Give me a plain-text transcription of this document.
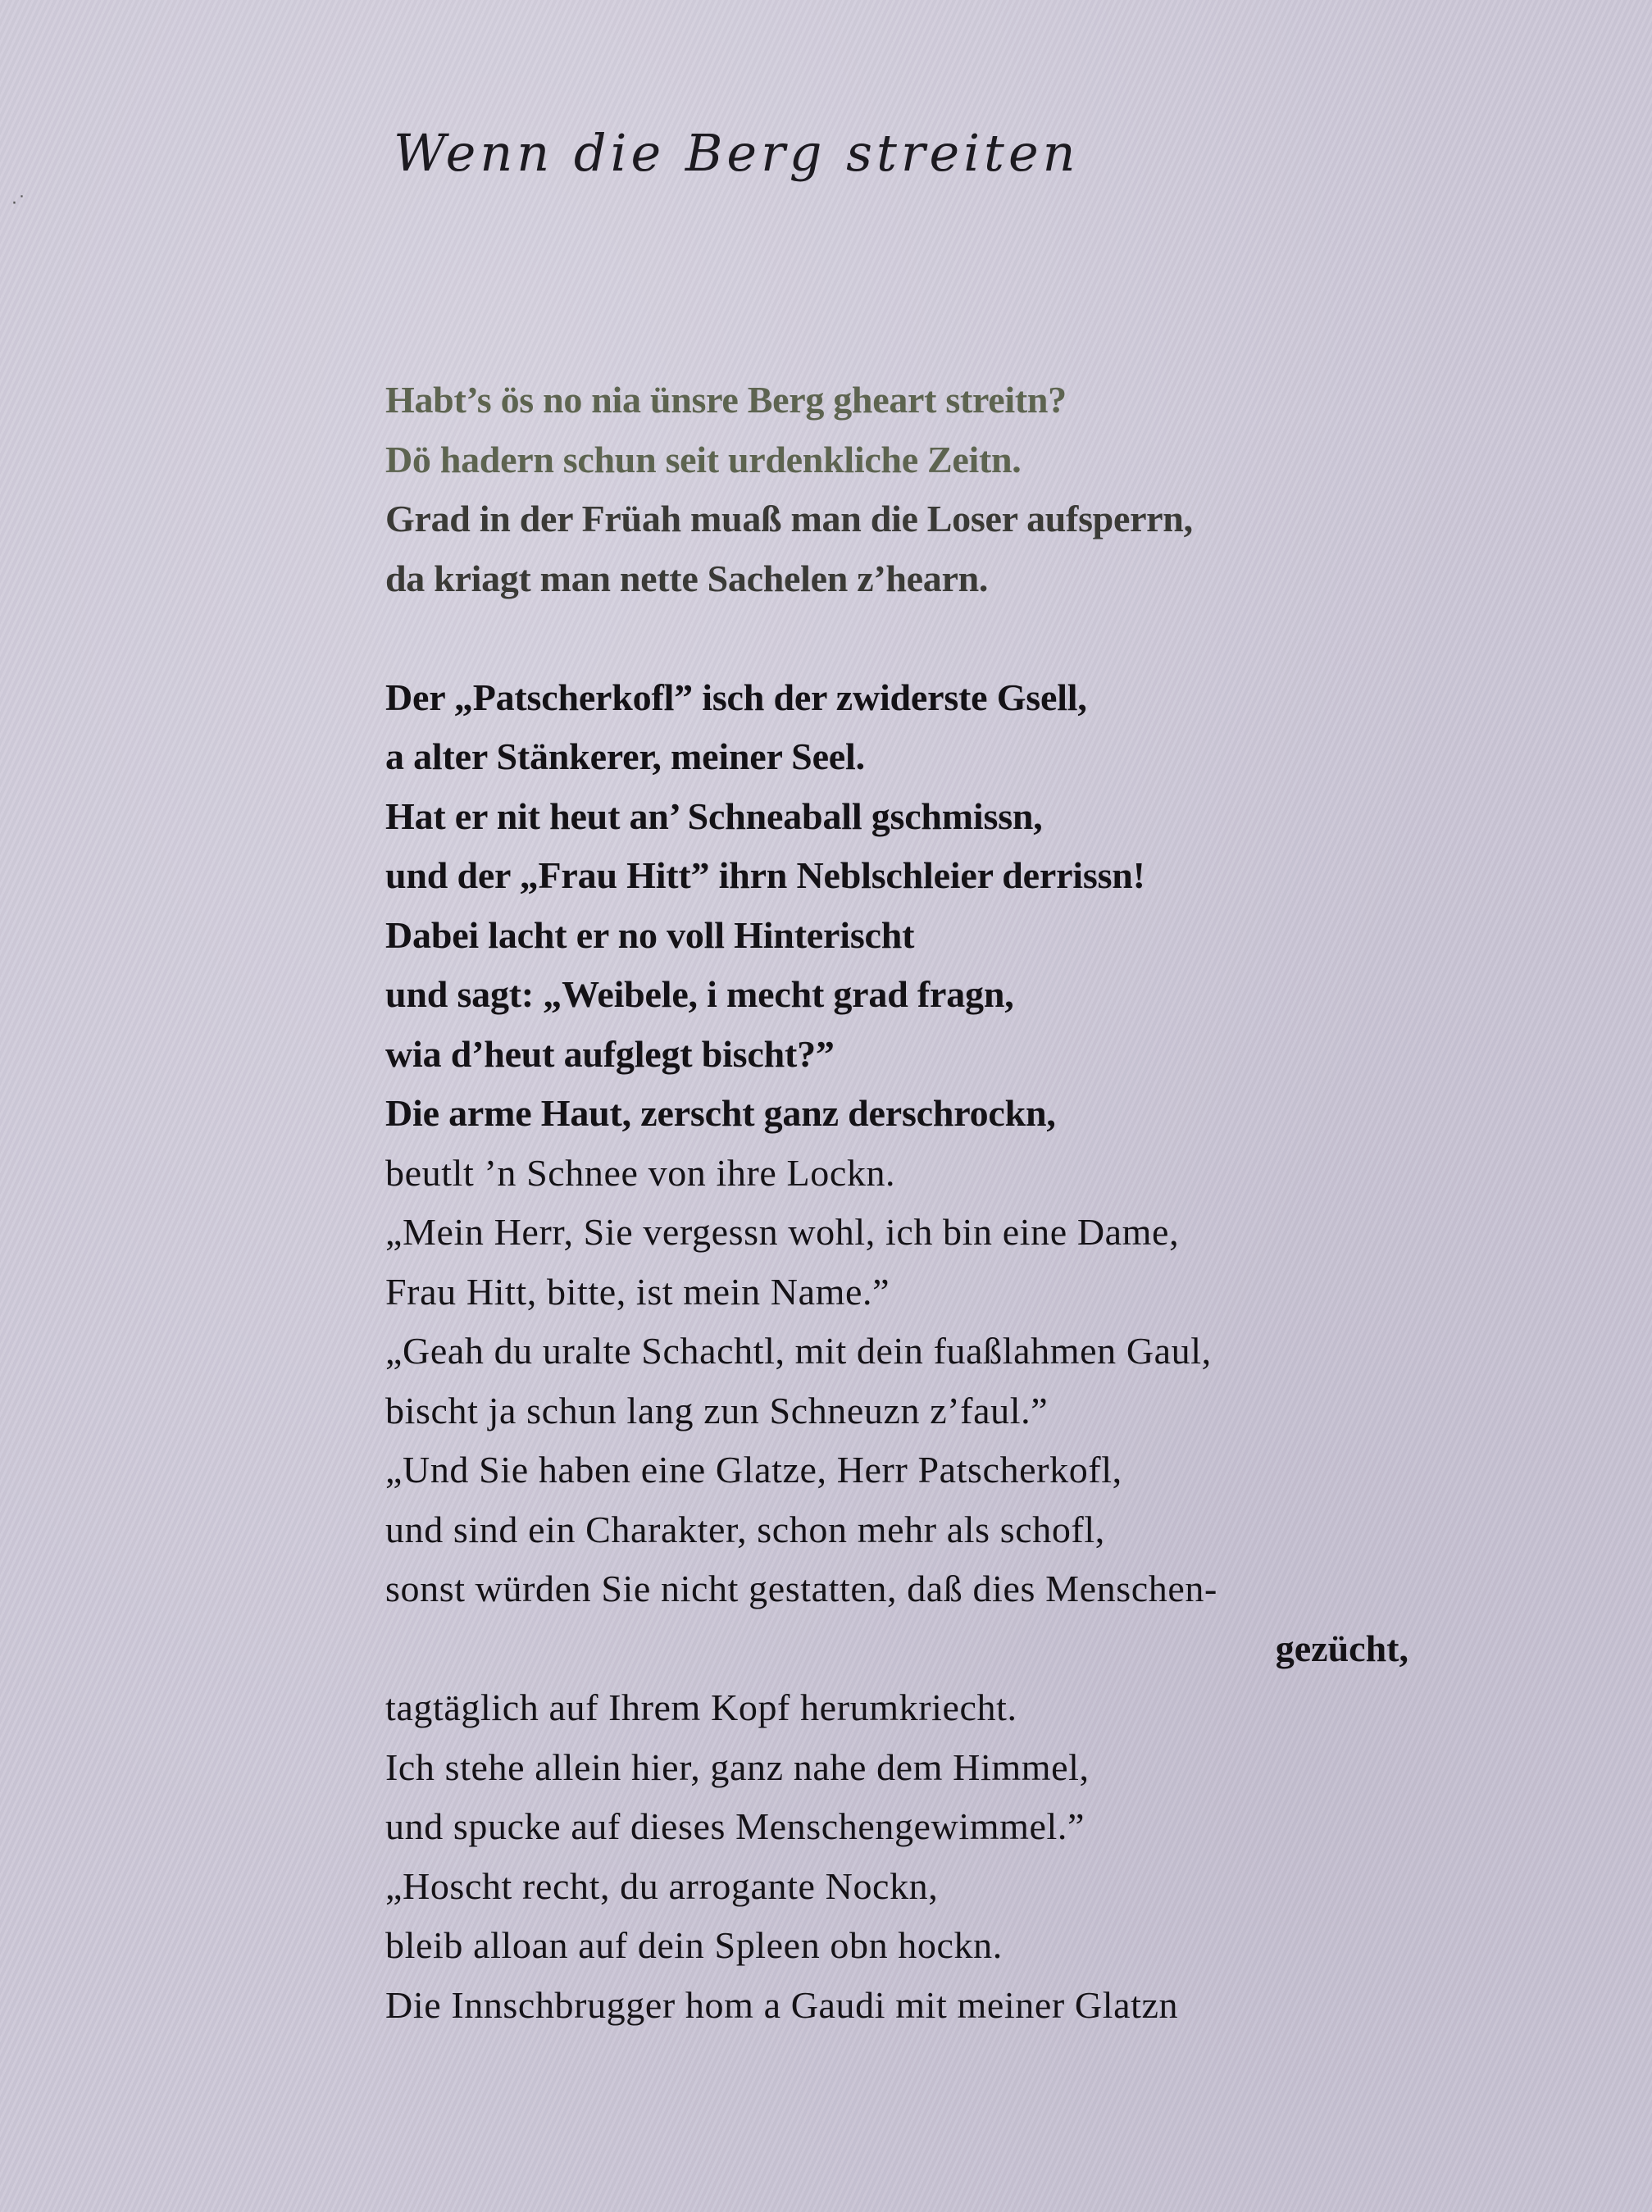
·˙
Wenn die Berg streiten
Habt’s ös no nia ünsre Berg gheart streitn?
Dö hadern schun seit urdenkliche Zeitn.
Grad in der Früah muaß man die Loser aufsperrn,
da kriagt man nette Sachelen z’hearn.
Der „Patscherkofl” isch der zwiderste Gsell,
a alter Stänkerer, meiner Seel.
Hat er nit heut an’ Schneaball gschmissn,
und der „Frau Hitt” ihrn Neblschleier derrissn!
Dabei lacht er no voll Hinterischt
und sagt: „Weibele, i mecht grad fragn,
wia d’heut aufglegt bischt?”
Die arme Haut, zerscht ganz derschrockn,
beutlt ’n Schnee von ihre Lockn.
„Mein Herr, Sie vergessn wohl, ich bin eine Dame,
Frau Hitt, bitte, ist mein Name.”
„Geah du uralte Schachtl, mit dein fuaßlahmen Gaul,
bischt ja schun lang zun Schneuzn z’faul.”
„Und Sie haben eine Glatze, Herr Patscherkofl,
und sind ein Charakter, schon mehr als schofl,
sonst würden Sie nicht gestatten, daß dies Menschen-
gezücht,
tagtäglich auf Ihrem Kopf herumkriecht.
Ich stehe allein hier, ganz nahe dem Himmel,
und spucke auf dieses Menschengewimmel.”
„Hoscht recht, du arrogante Nockn,
bleib alloan auf dein Spleen obn hockn.
Die Innschbrugger hom a Gaudi mit meiner Glatzn
